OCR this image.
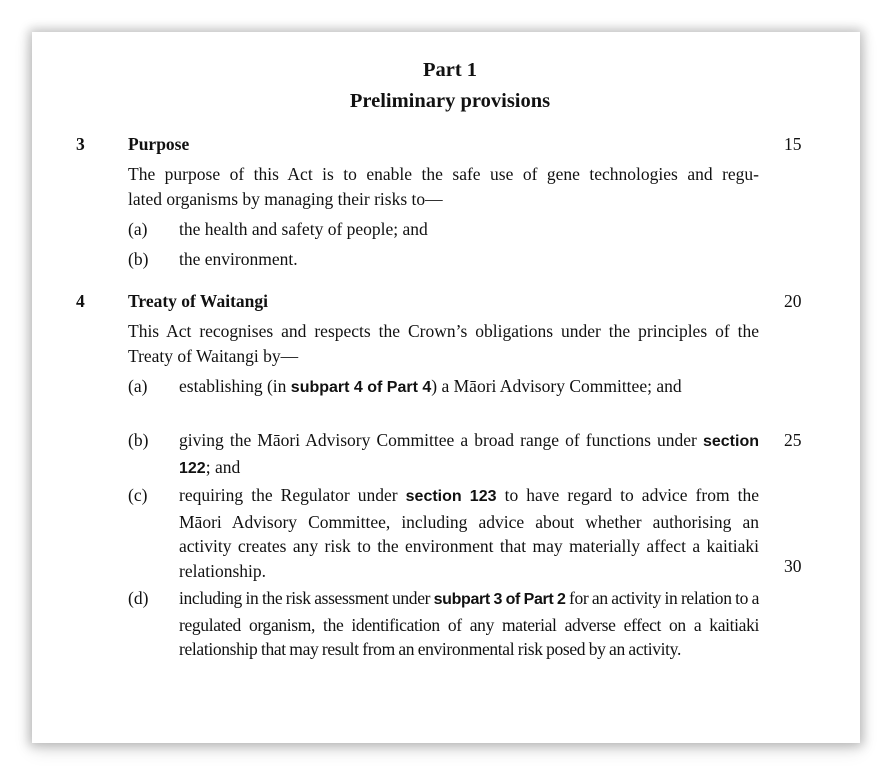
Part 1
Preliminary provisions
3 Purpose	15
The purpose of this Act is to enable the safe use of gene technologies and regu-
lated organisms by managing their risks to—
(a) the health and safety of people; and
(b) the environment.
4 Treaty of Waitangi	20
This Act recognises and respects the Crown’s obligations under the principles of the Treaty of Waitangi by—
(a) establishing (in subpart 4 of Part 4) a Māori Advisory Committee; and
(b)	25
giving the Māori Advisory Committee a broad range of functions under section 122; and
(c)
30
requiring the Regulator under section 123 to have regard to advice from the Māori Advisory Committee, including advice about whether authorising an activity creates any risk to the environment that may materially affect a kaitiaki relationship.
(d) including in the risk assessment under subpart 3 of Part 2 for an activity in relation to a regulated organism, the identification of any material adverse effect on a kaitiaki relationship that may result from an environmental risk posed by an activity.
